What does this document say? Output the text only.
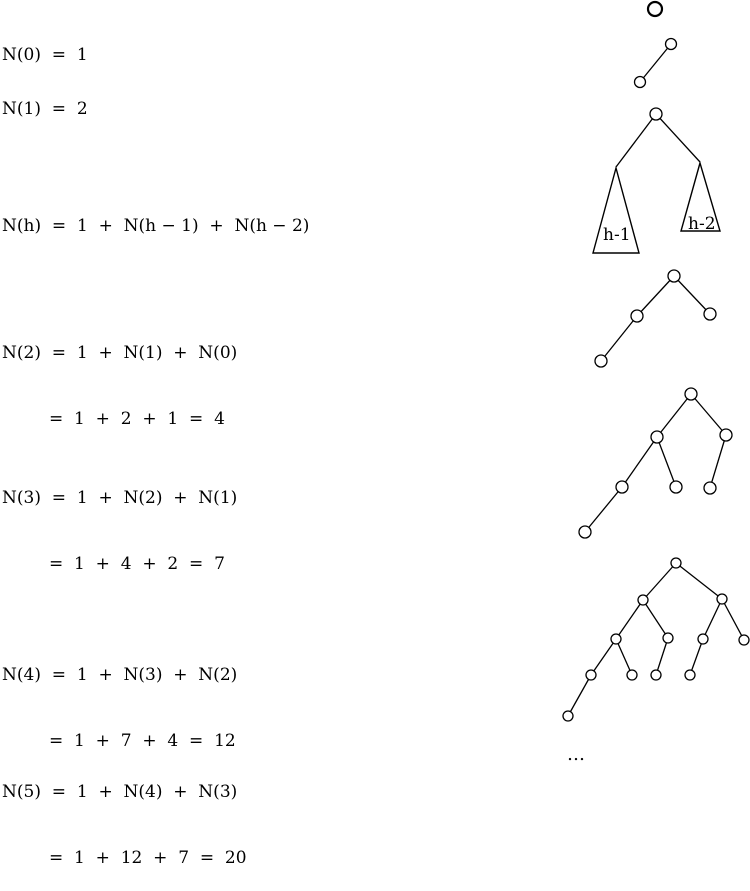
N(0)  =  1

N(1)  =  2

N(h)  =  1  +  N(h − 1)  +  N(h − 2)

N(2)  =  1  +  N(1)  +  N(0)

=  1  +  2  +  1  =  4

N(3)  =  1  +  N(2)  +  N(1)

=  1  +  4  +  2  =  7

N(4)  =  1  +  N(3)  +  N(2)

=  1  +  7  +  4  =  12

N(5)  =  1  +  N(4)  +  N(3)

=  1  +  12  +  7  =  20

h-1
h-2
…
